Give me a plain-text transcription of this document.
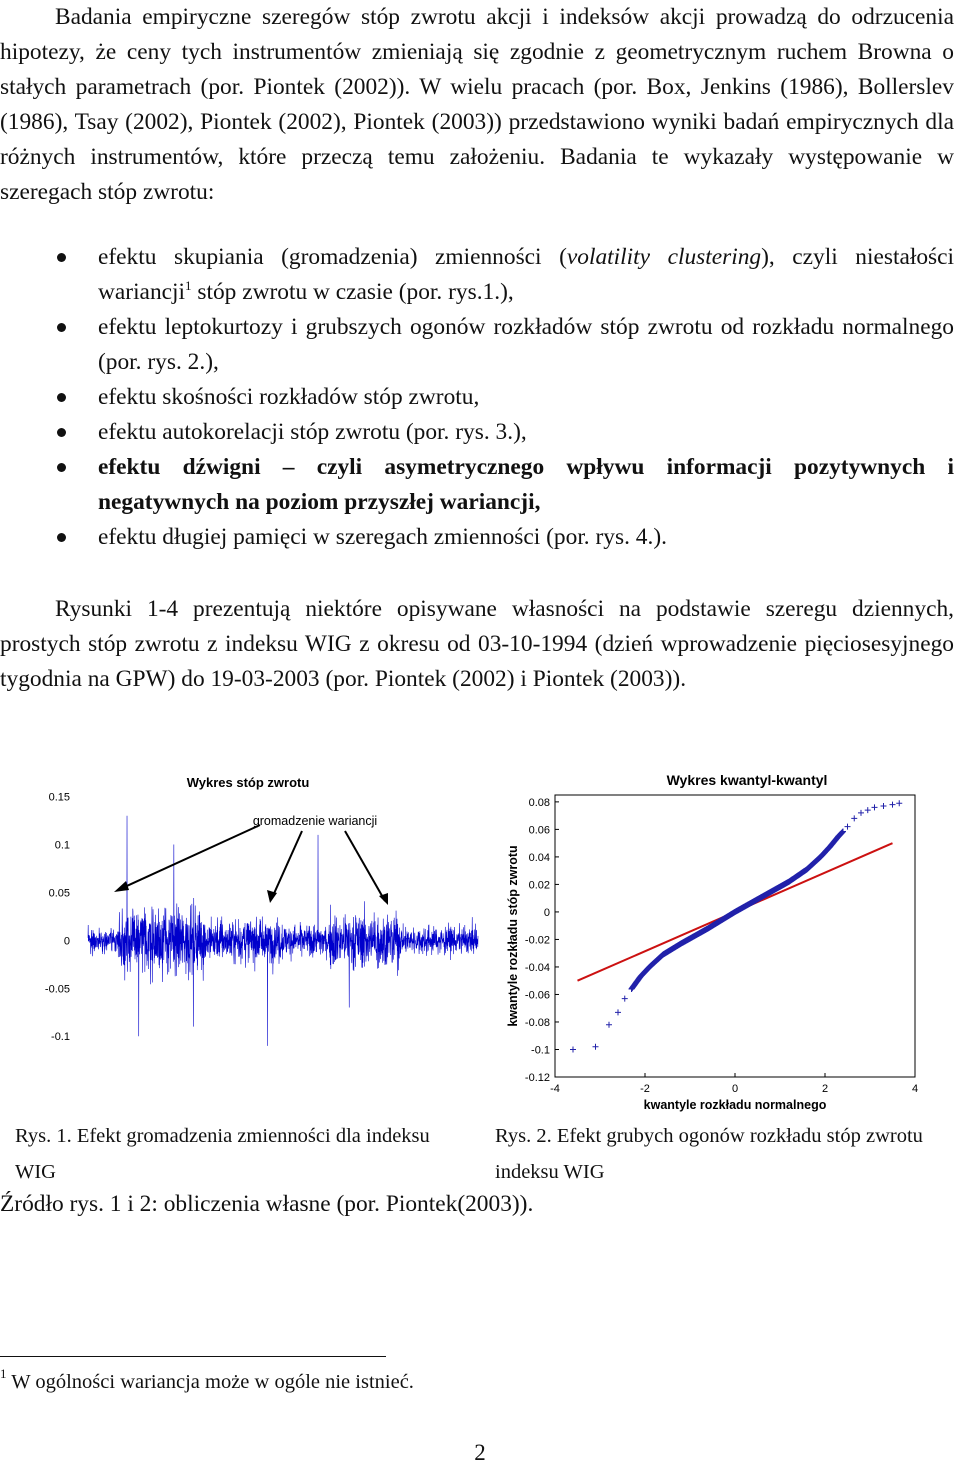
Badania empiryczne szeregów stóp zwrotu akcji i indeksów akcji prowadzą do odrzucenia hipotezy, że ceny tych instrumentów zmieniają się zgodnie z geometrycznym ruchem Browna o stałych parametrach (por. Piontek (2002)). W wielu pracach (por. Box, Jenkins (1986), Bollerslev (1986), Tsay (2002), Piontek (2002), Piontek (2003)) przedstawiono wyniki badań empirycznych dla różnych instrumentów, które przeczą temu założeniu. Badania te wykazały występowanie w szeregach stóp zwrotu:

efektu skupiania (gromadzenia) zmienności (volatility clustering), czyli niestałości wariancji$^1$ stóp zwrotu w czasie (por. rys.1.),
efektu leptokurtozy i grubszych ogonów rozkładów stóp zwrotu od rozkładu normalnego (por. rys. 2.),
efektu skośności rozkładów stóp zwrotu,
efektu autokorelacji stóp zwrotu (por. rys. 3.),
efektu dźwigni – czyli asymetrycznego wpływu informacji pozytywnych i negatywnych na poziom przyszłej wariancji,
efektu długiej pamięci w szeregach zmienności (por. rys. 4.).

Rysunki 1-4 prezentują niektóre opisywane własności na podstawie szeregu dziennych, prostych stóp zwrotu z indeksu WIG z okresu od 03-10-1994 (dzień wprowadzenie pięciosesyjnego tygodnia na GPW) do 19-03-2003 (por. Piontek (2002) i Piontek (2003)).

Wykres stóp zwrotu
0.15
0.1
0.05
0
-0.05
-0.1
gromadzenie wariancji
Wykres kwantyl-kwantyl
0.08
0.06
0.04
0.02
0
-0.02
-0.04
-0.06
-0.08
-0.1
-0.12
-4	-2	0	2	4
kwantyle rozkładu normalnego
kwantyle rozkładu stóp zwrotu
Rys. 1. Efekt gromadzenia zmienności dla indeksu WIG
Rys. 2. Efekt grubych ogonów rozkładu stóp zwrotu indeksu WIG
Źródło rys. 1 i 2: obliczenia własne (por. Piontek(2003)).
$^1$ W ogólności wariancja może w ogóle nie istnieć.
2
